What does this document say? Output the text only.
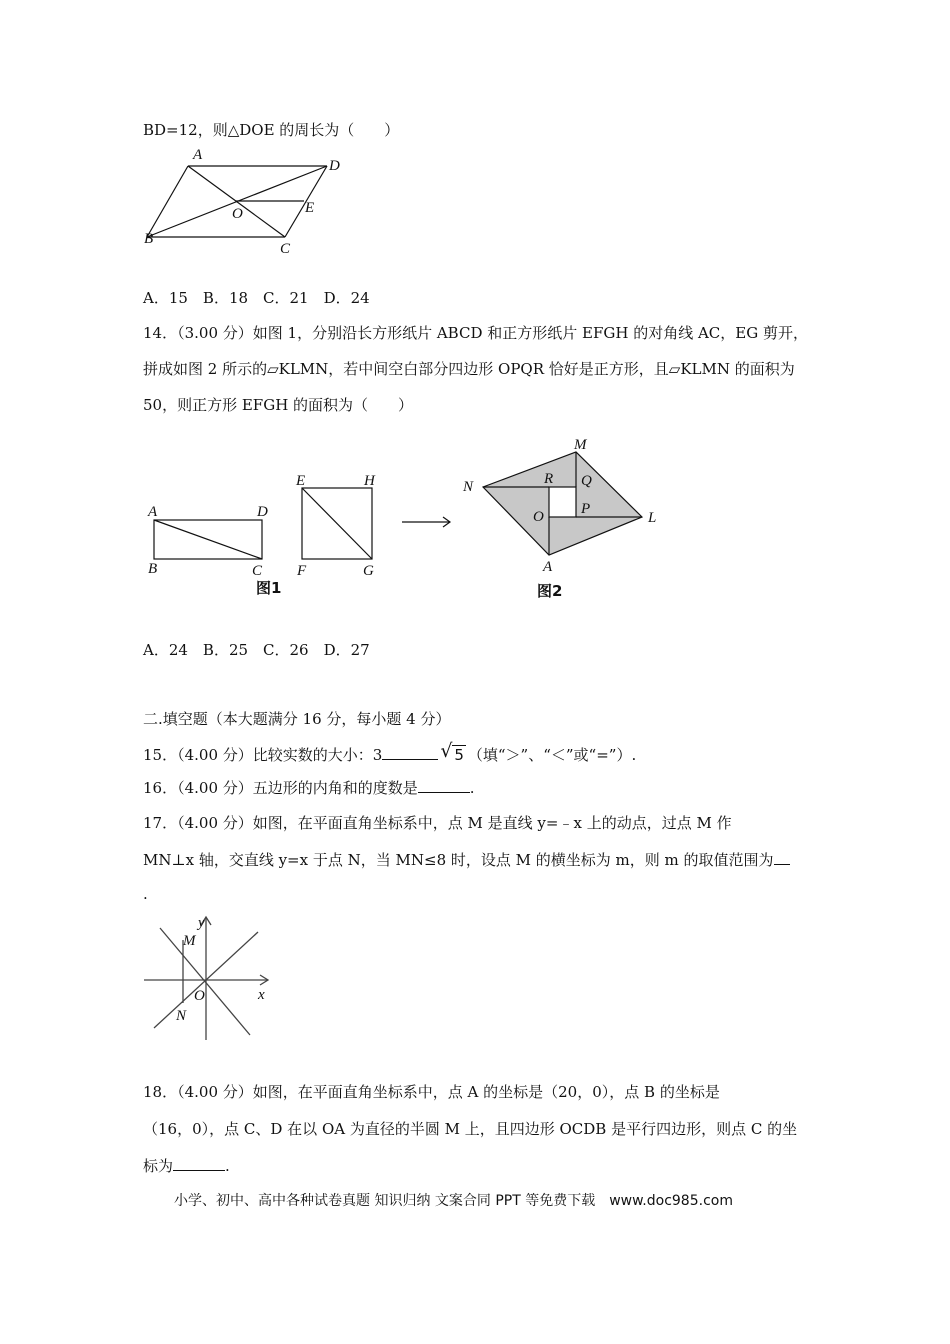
BD=12，则△DOE 的周长为（　　）
A
D
O	E
B
C
A．15　B．18　C．21　D．24
14．（3.00 分）如图 1，分别沿长方形纸片 ABCD 和正方形纸片 EFGH 的对角线 AC，EG 剪开，
拼成如图 2 所示的▱KLMN，若中间空白部分四边形 OPQR 恰好是正方形，且▱KLMN 的面积为
50，则正方形 EFGH 的面积为（　　）
A	D
B	C
E	H
F	G
图1
M
N	R Q
O P
L
A
图2
A．24　B．25　C．26　D．27
二.填空题（本大题满分 16 分，每小题 4 分）
15．（4.00 分）比较实数的大小：3	√ 5 （填“＞”、“＜”或“=”）.
16．（4.00 分）五边形的内角和的度数是	.
17．（4.00 分）如图，在平面直角坐标系中，点 M 是直线 y=﹣x 上的动点，过点 M 作
MN⊥x 轴，交直线 y=x 于点 N，当 MN≤8 时，设点 M 的横坐标为 m，则 m 的取值范围为
.
y
x
M
O
N
18．（4.00 分）如图，在平面直角坐标系中，点 A 的坐标是（20，0），点 B 的坐标是
（16，0），点 C、D 在以 OA 为直径的半圆 M 上，且四边形 OCDB 是平行四边形，则点 C 的坐
标为	.
小学、初中、高中各种试卷真题 知识归纳 文案合同 PPT 等免费下载　www.doc985.com
